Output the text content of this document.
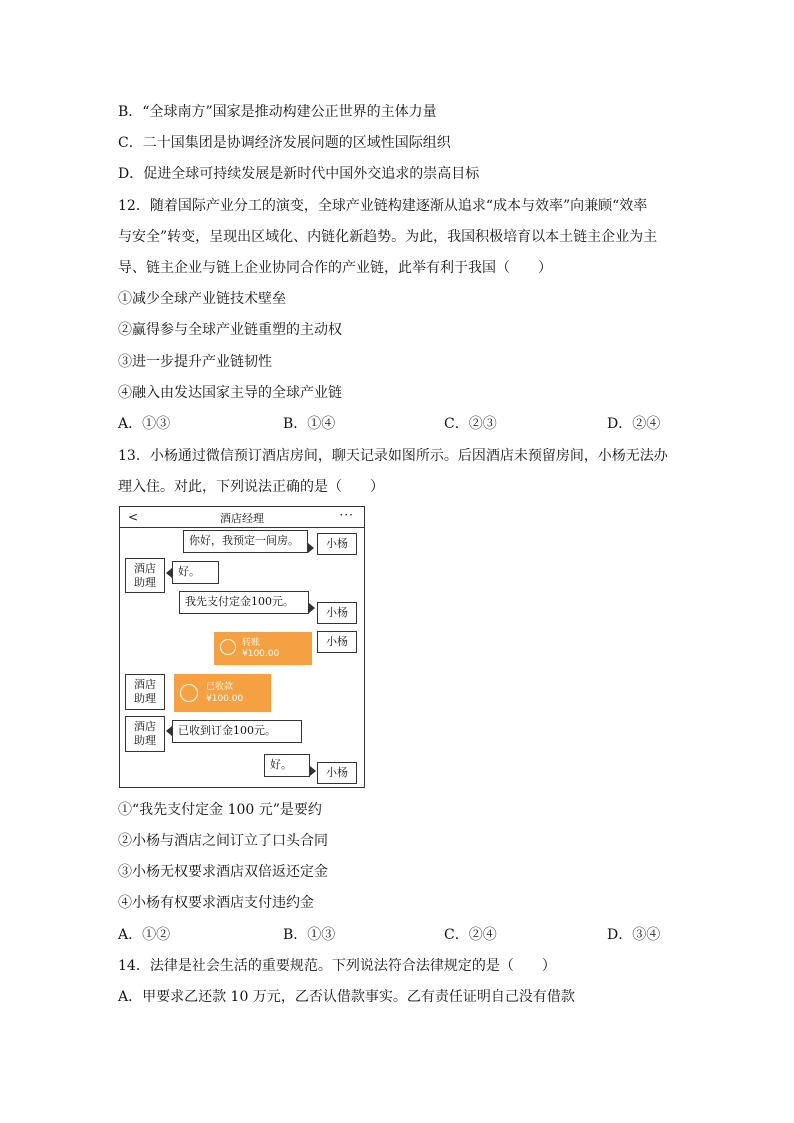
B．“全球南方”国家是推动构建公正世界的主体力量
C．二十国集团是协调经济发展问题的区域性国际组织
D．促进全球可持续发展是新时代中国外交追求的崇高目标
12．随着国际产业分工的演变，全球产业链构建逐渐从追求“成本与效率”向兼顾“效率
与安全”转变，呈现出区域化、内链化新趋势。为此，我国积极培育以本土链主企业为主
导、链主企业与链上企业协同合作的产业链，此举有利于我国（　　）
①减少全球产业链技术壁垒
②赢得参与全球产业链重塑的主动权
③进一步提升产业链韧性
④融入由发达国家主导的全球产业链
A．①③	B．①④	C．②③	D．②④
13．小杨通过微信预订酒店房间，聊天记录如图所示。后因酒店未预留房间，小杨无法办
理入住。对此，下列说法正确的是（　　）
<	酒店经理	···
你好，我预定一间房。	小杨
酒店
助理
好。
我先支付定金100元。
小杨
转账
¥100.00
小杨
酒店
助理
已收款
¥100.00
酒店
助理
已收到订金100元。
好。
小杨
①“我先支付定金 100 元”是要约
②小杨与酒店之间订立了口头合同
③小杨无权要求酒店双倍返还定金
④小杨有权要求酒店支付违约金
A．①②	B．①③	C．②④	D．③④
14．法律是社会生活的重要规范。下列说法符合法律规定的是（　　）
A．甲要求乙还款 10 万元，乙否认借款事实。乙有责任证明自己没有借款
